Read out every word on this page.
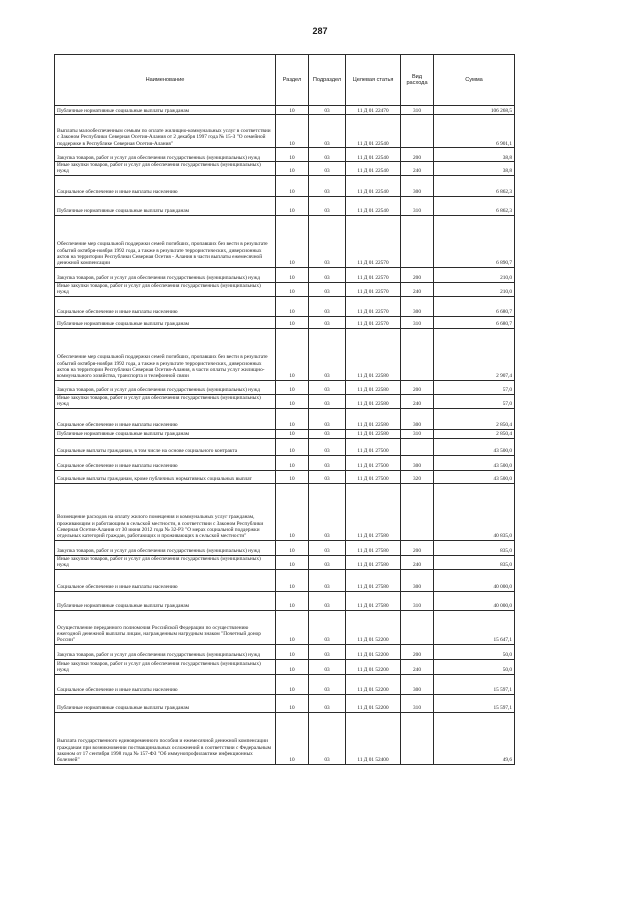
287
Наименование	Раздел	Подраздел	Целевая статья	Вид расхода	Сумма
Публичные нормативные социальные выплаты гражданам	10	03	11 Д 01 22470	310	106 268,5
Выплаты малообеспеченным семьям по оплате жилищно-коммунальных услуг в соответствии с Законом Республики Северная Осетия-Алания от 2 декабря 1997 года № 15-З "О семейной поддержке в Республике Северная Осетия-Алания"	10	03	11 Д 01 22540		6 901,1
Закупка товаров, работ и услуг для обеспечения государственных (муниципальных) нужд	10	03	11 Д 01 22540	200	38,8
Иные закупки товаров, работ и услуг для обеспечения государственных (муниципальных) нужд	10	03	11 Д 01 22540	240	38,8
Социальное обеспечение и иные выплаты населению	10	03	11 Д 01 22540	300	6 862,3
Публичные нормативные социальные выплаты гражданам	10	03	11 Д 01 22540	310	6 862,3
Обеспечение мер социальной поддержки семей погибших, пропавших без вести в результате событий октября-ноября 1992 года, а также в результате террористических, диверсионных актов на территории Республики Северная Осетия - Алания в части выплаты ежемесячной денежной компенсации	10	03	11 Д 01 22570		6 890,7
Закупка товаров, работ и услуг для обеспечения государственных (муниципальных) нужд	10	03	11 Д 01 22570	200	210,0
Иные закупки товаров, работ и услуг для обеспечения государственных (муниципальных) нужд	10	03	11 Д 01 22570	240	210,0
Социальное обеспечение и иные выплаты населению	10	03	11 Д 01 22570	300	6 680,7
Публичные нормативные социальные выплаты гражданам	10	03	11 Д 01 22570	310	6 680,7
Обеспечение мер социальной поддержки семей погибших, пропавших без вести в результате событий октября-ноября 1992 года, а также в результате террористических, диверсионных актов на территории Республики Северная Осетия-Алания, в части оплаты услуг жилищно-коммунального хозяйства, транспорта и телефонной связи	10	03	11 Д 01 22580		2 907,4
Закупка товаров, работ и услуг для обеспечения государственных (муниципальных) нужд	10	03	11 Д 01 22580	200	57,0
Иные закупки товаров, работ и услуг для обеспечения государственных (муниципальных) нужд	10	03	11 Д 01 22580	240	57,0
Социальное обеспечение и иные выплаты населению	10	03	11 Д 01 22580	300	2 850,4
Публичные нормативные социальные выплаты гражданам	10	03	11 Д 01 22580	310	2 850,4
Социальные выплаты гражданам, в том числе на основе социального контракта	10	03	11 Д 01 27500		43 500,0
Социальное обеспечение и иные выплаты населению	10	03	11 Д 01 27500	300	43 500,0
Социальные выплаты гражданам, кроме публичных нормативных социальных выплат	10	03	11 Д 01 27500	320	43 500,0
Возмещение расходов на оплату жилого помещения и коммунальных услуг гражданам, проживающим и работающим в сельской местности, в соответствии с Законом Республики Северная Осетия-Алания от 30 июня 2012 года № 32-РЗ "О мерах социальной поддержки отдельных категорий граждан, работающих и проживающих в сельской местности"	10	03	11 Д 01 27580		40 835,0
Закупка товаров, работ и услуг для обеспечения государственных (муниципальных) нужд	10	03	11 Д 01 27580	200	835,0
Иные закупки товаров, работ и услуг для обеспечения государственных (муниципальных) нужд	10	03	11 Д 01 27580	240	835,0
Социальное обеспечение и иные выплаты населению	10	03	11 Д 01 27580	300	40 000,0
Публичные нормативные социальные выплаты гражданам	10	03	11 Д 01 27580	310	40 000,0
Осуществление переданного полномочия Российской Федерации по осуществлению ежегодной денежной выплаты лицам, награжденным нагрудным знаком "Почетный донор России"	10	03	11 Д 01 52200		15 647,1
Закупка товаров, работ и услуг для обеспечения государственных (муниципальных) нужд	10	03	11 Д 01 52200	200	50,0
Иные закупки товаров, работ и услуг для обеспечения государственных (муниципальных) нужд	10	03	11 Д 01 52200	240	50,0
Социальное обеспечение и иные выплаты населению	10	03	11 Д 01 52200	300	15 597,1
Публичные нормативные социальные выплаты гражданам	10	03	11 Д 01 52200	310	15 597,1
Выплата государственного единовременного пособия и ежемесячной денежной компенсации гражданам при возникновении поствакцинальных осложнений в соответствии с Федеральным законом от 17 сентября 1998 года № 157-ФЗ "Об иммунопрофилактике инфекционных болезней"	10	03	11 Д 01 52400		49,6
